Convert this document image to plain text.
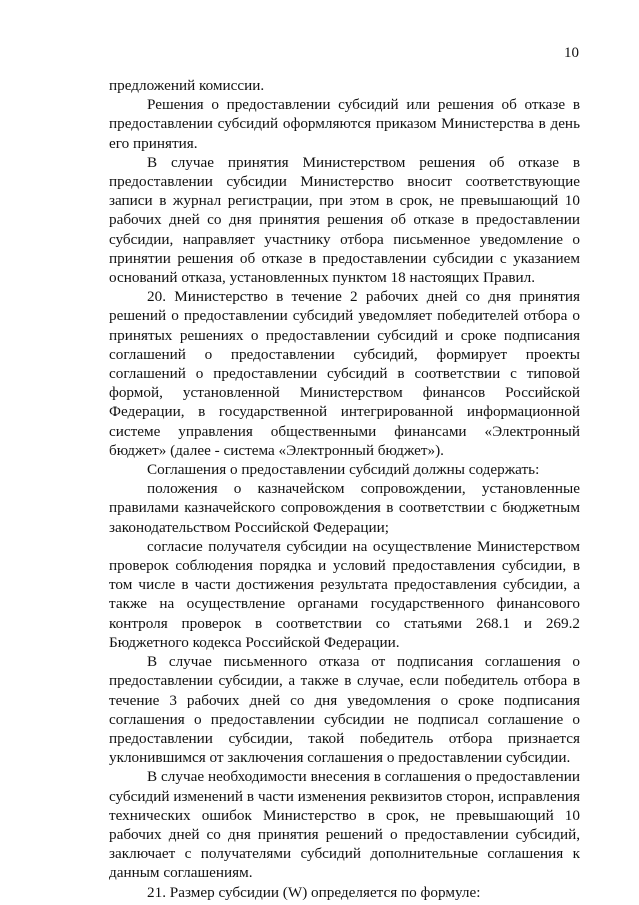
10

предложений комиссии.

Решения о предоставлении субсидий или решения об отказе в предоставлении субсидий оформляются приказом Министерства в день его принятия.

В случае принятия Министерством решения об отказе в предоставлении субсидии Министерство вносит соответствующие записи в журнал регистрации, при этом в срок, не превышающий 10 рабочих дней со дня принятия решения об отказе в предоставлении субсидии, направляет участнику отбора письменное уведомление о принятии решения об отказе в предоставлении субсидии с указанием оснований отказа, установленных пунктом 18 настоящих Правил.

20. Министерство в течение 2 рабочих дней со дня принятия решений о предоставлении субсидий уведомляет победителей отбора о принятых решениях о предоставлении субсидий и сроке подписания соглашений о предоставлении субсидий, формирует проекты соглашений о предоставлении субсидий в соответствии с типовой формой, установленной Министерством финансов Российской Федерации, в государственной интегрированной информационной системе управления общественными финансами «Электронный бюджет» (далее - система «Электронный бюджет»).

Соглашения о предоставлении субсидий должны содержать:

положения о казначейском сопровождении, установленные правилами казначейского сопровождения в соответствии с бюджетным законодательством Российской Федерации;

согласие получателя субсидии на осуществление Министерством проверок соблюдения порядка и условий предоставления субсидии, в том числе в части достижения результата предоставления субсидии, а также на осуществление органами государственного финансового контроля проверок в соответствии со статьями 268.1 и 269.2 Бюджетного кодекса Российской Федерации.

В случае письменного отказа от подписания соглашения о предоставлении субсидии, а также в случае, если победитель отбора в течение 3 рабочих дней со дня уведомления о сроке подписания соглашения о предоставлении субсидии не подписал соглашение о предоставлении субсидии, такой победитель отбора признается уклонившимся от заключения соглашения о предоставлении субсидии.

В случае необходимости внесения в соглашения о предоставлении субсидий изменений в части изменения реквизитов сторон, исправления технических ошибок Министерство в срок, не превышающий 10 рабочих дней со дня принятия решений о предоставлении субсидий, заключает с получателями субсидий дополнительные соглашения к данным соглашениям.

21. Размер субсидии (W) определяется по формуле:
